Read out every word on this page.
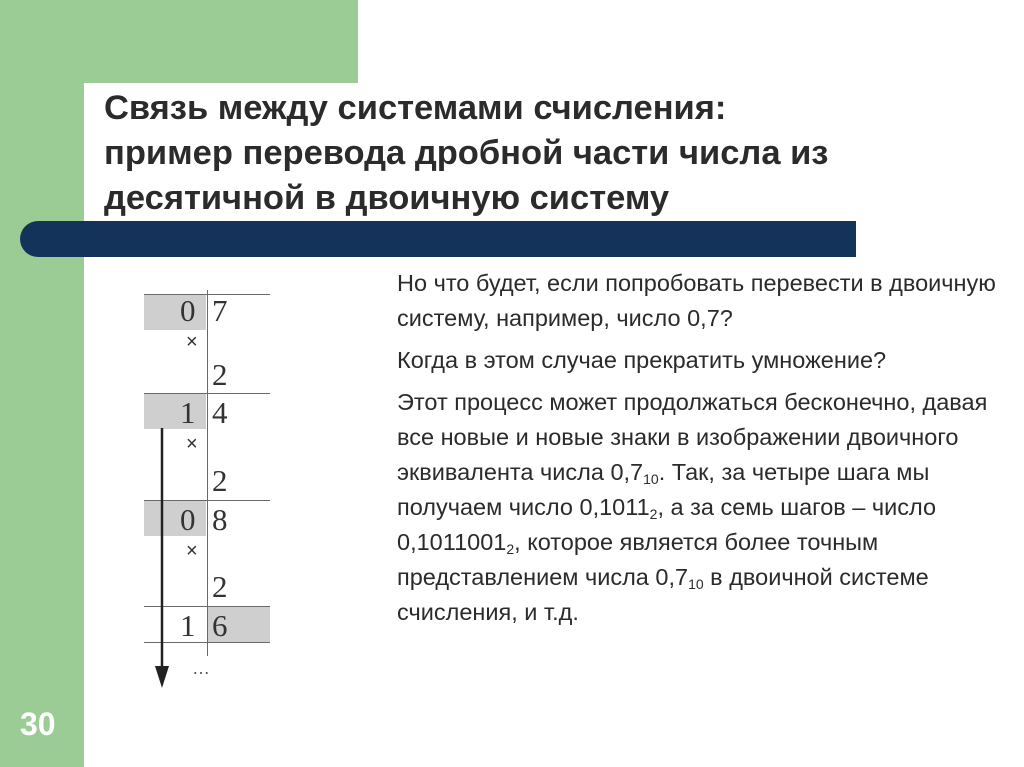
Связь между системами счисления:
пример перевода дробной части числа из
десятичной в двоичную систему
30
0 7
×
2
1 4
×
2
0 8
×
2
1 6
…

Но что будет, если попробовать перевести в двоичную систему, например, число 0,7?

Когда в этом случае прекратить умножение?

Этот процесс может продолжаться бесконечно, давая все новые и новые знаки в изображении двоичного эквивалента числа $0,7_{10}$. Так, за четыре шага мы получаем число $0,1011_2$, а за семь шагов – число $0,1011001_2$, которое является более точным представлением числа $0,7_{10}$ в двоичной системе счисления, и т.д.
